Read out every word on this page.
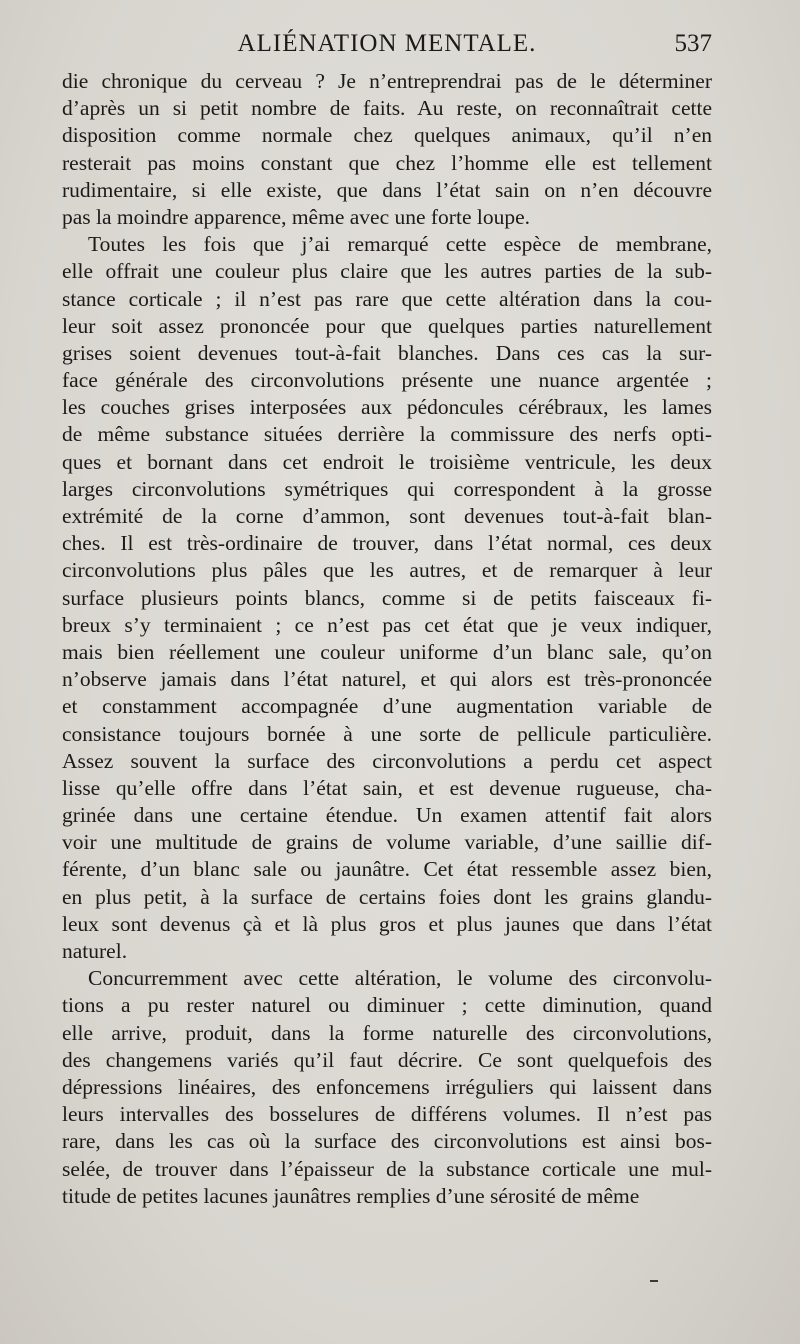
ALIÉNATION MENTALE.	537
die chronique du cerveau ? Je n’entreprendrai pas de le déterminer
d’après un si petit nombre de faits. Au reste, on reconnaîtrait cette
disposition comme normale chez quelques animaux, qu’il n’en
resterait pas moins constant que chez l’homme elle est tellement
rudimentaire, si elle existe, que dans l’état sain on n’en découvre
pas la moindre apparence, même avec une forte loupe.
Toutes les fois que j’ai remarqué cette espèce de membrane,
elle offrait une couleur plus claire que les autres parties de la sub-
stance corticale ; il n’est pas rare que cette altération dans la cou-
leur soit assez prononcée pour que quelques parties naturellement
grises soient devenues tout-à-fait blanches. Dans ces cas la sur-
face générale des circonvolutions présente une nuance argentée ;
les couches grises interposées aux pédoncules cérébraux, les lames
de même substance situées derrière la commissure des nerfs opti-
ques et bornant dans cet endroit le troisième ventricule, les deux
larges circonvolutions symétriques qui correspondent à la grosse
extrémité de la corne d’ammon, sont devenues tout-à-fait blan-
ches. Il est très-ordinaire de trouver, dans l’état normal, ces deux
circonvolutions plus pâles que les autres, et de remarquer à leur
surface plusieurs points blancs, comme si de petits faisceaux fi-
breux s’y terminaient ; ce n’est pas cet état que je veux indiquer,
mais bien réellement une couleur uniforme d’un blanc sale, qu’on
n’observe jamais dans l’état naturel, et qui alors est très-prononcée
et constamment accompagnée d’une augmentation variable de
consistance toujours bornée à une sorte de pellicule particulière.
Assez souvent la surface des circonvolutions a perdu cet aspect
lisse qu’elle offre dans l’état sain, et est devenue rugueuse, cha-
grinée dans une certaine étendue. Un examen attentif fait alors
voir une multitude de grains de volume variable, d’une saillie dif-
férente, d’un blanc sale ou jaunâtre. Cet état ressemble assez bien,
en plus petit, à la surface de certains foies dont les grains glandu-
leux sont devenus çà et là plus gros et plus jaunes que dans l’état
naturel.
Concurremment avec cette altération, le volume des circonvolu-
tions a pu rester naturel ou diminuer ; cette diminution, quand
elle arrive, produit, dans la forme naturelle des circonvolutions,
des changemens variés qu’il faut décrire. Ce sont quelquefois des
dépressions linéaires, des enfoncemens irréguliers qui laissent dans
leurs intervalles des bosselures de différens volumes. Il n’est pas
rare, dans les cas où la surface des circonvolutions est ainsi bos-
selée, de trouver dans l’épaisseur de la substance corticale une mul-
titude de petites lacunes jaunâtres remplies d’une sérosité de même
